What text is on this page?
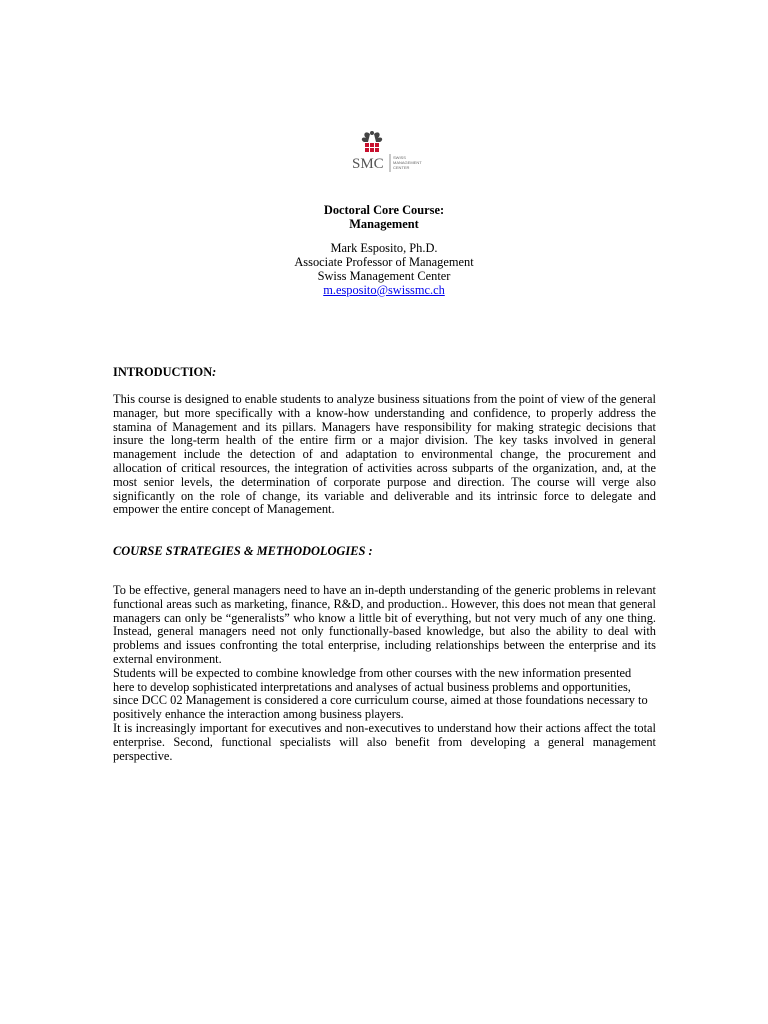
SMC SWISS
MANAGEMENT
CENTER
Doctoral Core Course:
Management
Mark Esposito, Ph.D.
Associate Professor of Management
Swiss Management Center
m.esposito@swissmc.ch
INTRODUCTION:
This course is designed to enable students to analyze business situations from the point of view of the general manager, but more specifically with a know-how understanding and confidence, to properly address the stamina of Management and its pillars. Managers have responsibility for making strategic decisions that insure the long-term health of the entire firm or a major division. The key tasks involved in general management include the detection of and adaptation to environmental change, the procurement and allocation of critical resources, the integration of activities across subparts of the organization, and, at the most senior levels, the determination of corporate purpose and direction. The course will verge also significantly on the role of change, its variable and deliverable and its intrinsic force to delegate and empower the entire concept of Management.
COURSE STRATEGIES & METHODOLOGIES :
To be effective, general managers need to have an in-depth understanding of the generic problems in relevant functional areas such as marketing, finance, R&D, and production.. However, this does not mean that general managers can only be “generalists” who know a little bit of everything, but not very much of any one thing. Instead, general managers need not only functionally-based knowledge, but also the ability to deal with problems and issues confronting the total enterprise, including relationships between the enterprise and its external environment.
Students will be expected to combine knowledge from other courses with the new information presented
here to develop sophisticated interpretations and analyses of actual business problems and opportunities,
since DCC 02 Management is considered a core curriculum course, aimed at those foundations necessary to
positively enhance the interaction among business players.
It is increasingly important for executives and non-executives to understand how their actions affect the total enterprise. Second, functional specialists will also benefit from developing a general management perspective.
